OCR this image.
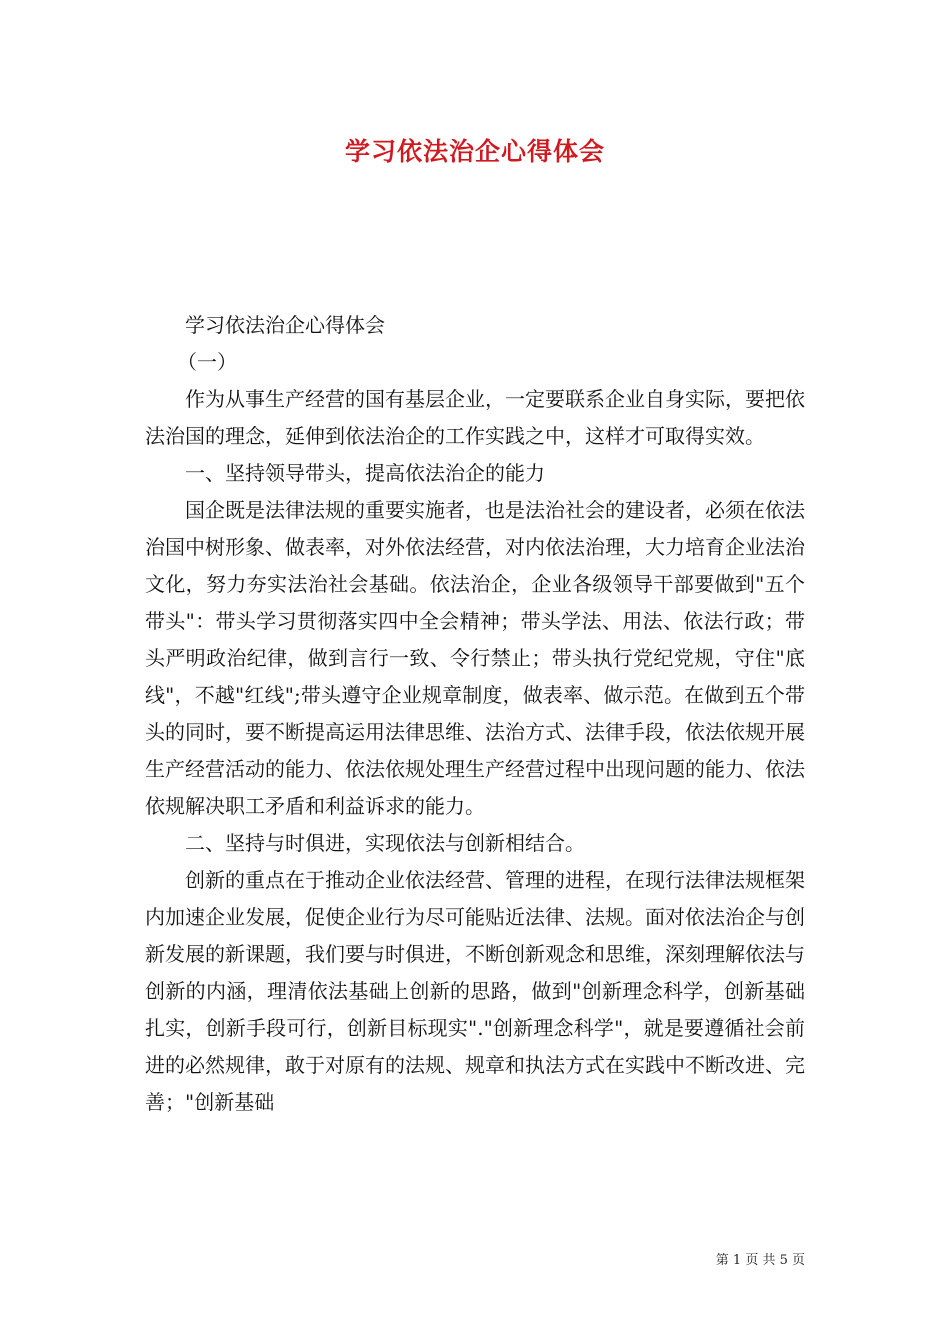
学习依法治企心得体会

学习依法治企心得体会

（一）

作为从事生产经营的国有基层企业，一定要联系企业自身实际，要把依法治国的理念，延伸到依法治企的工作实践之中，这样才可取得实效。

一、坚持领导带头，提高依法治企的能力

国企既是法律法规的重要实施者，也是法治社会的建设者，必须在依法治国中树形象、做表率，对外依法经营，对内依法治理，大力培育企业法治文化，努力夯实法治社会基础。依法治企，企业各级领导干部要做到"五个带头"：带头学习贯彻落实四中全会精神；带头学法、用法、依法行政；带头严明政治纪律，做到言行一致、令行禁止；带头执行党纪党规，守住"底线"，不越"红线";带头遵守企业规章制度，做表率、做示范。在做到五个带头的同时，要不断提高运用法律思维、法治方式、法律手段，依法依规开展生产经营活动的能力、依法依规处理生产经营过程中出现问题的能力、依法依规解决职工矛盾和利益诉求的能力。

二、坚持与时俱进，实现依法与创新相结合。

创新的重点在于推动企业依法经营、管理的进程，在现行法律法规框架内加速企业发展，促使企业行为尽可能贴近法律、法规。面对依法治企与创新发展的新课题，我们要与时俱进，不断创新观念和思维，深刻理解依法与创新的内涵，理清依法基础上创新的思路，做到"创新理念科学，创新基础扎实，创新手段可行，创新目标现实"."创新理念科学"，就是要遵循社会前进的必然规律，敢于对原有的法规、规章和执法方式在实践中不断改进、完善；"创新基础

第 1 页 共 5 页
